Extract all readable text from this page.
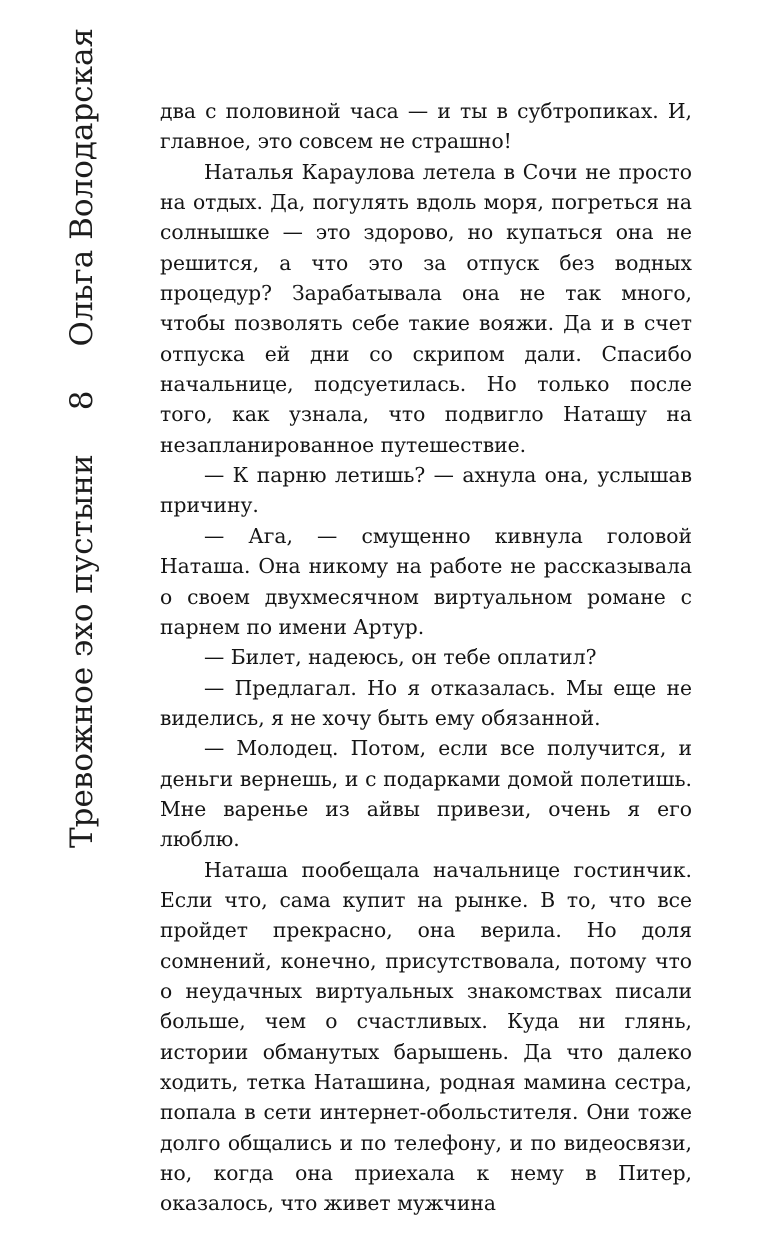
Тревожное эхо пустыни
8
Ольга Володарская	два с половиной часа — и ты в субтропиках. И, главное, это совсем не страшно!

Наталья Караулова летела в Сочи не просто на отдых. Да, погулять вдоль моря, погреться на солнышке — это здорово, но купаться она не решится, а что это за отпуск без водных процедур? Зарабатывала она не так много, чтобы позволять себе такие вояжи. Да и в счет отпуска ей дни со скрипом дали. Спасибо начальнице, подсуетилась. Но только после того, как узнала, что подвигло Наташу на незапланированное путешествие.

— К парню летишь? — ахнула она, услышав причину.

— Ага, — смущенно кивнула головой Наташа. Она никому на работе не рассказывала о своем двухмесячном виртуальном романе с парнем по имени Артур.

— Билет, надеюсь, он тебе оплатил?

— Предлагал. Но я отказалась. Мы еще не виделись, я не хочу быть ему обязанной.

— Молодец. Потом, если все получится, и деньги вернешь, и с подарками домой полетишь. Мне варенье из айвы привези, очень я его люблю.

Наташа пообещала начальнице гостинчик. Если что, сама купит на рынке. В то, что все пройдет прекрасно, она верила. Но доля сомнений, конечно, присутствовала, потому что о неудачных виртуальных знакомствах писали больше, чем о счастливых. Куда ни глянь, истории обманутых барышень. Да что далеко ходить, тетка Наташина, родная мамина сестра, попала в сети интернет-обольстителя. Они тоже долго общались и по телефону, и по видеосвязи, но, когда она приехала к нему в Питер, оказалось, что живет мужчина
